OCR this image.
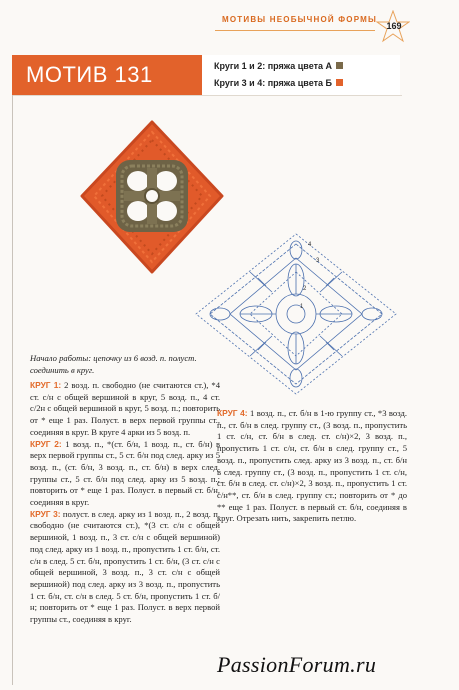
МОТИВЫ НЕОБЫЧНОЙ ФОРМЫ
169
МОТИВ 131	Круги 1 и 2: пряжа цвета А
Круги 3 и 4: пряжа цвета Б
4
3
2
1
Начало работы: цепочку из 6 возд. п. полуст. соединить в круг.

КРУГ 1: 2 возд. п. свободно (не считаются ст.), *4 ст. с/н с общей вершиной в круг, 5 возд. п., 4 ст. с/2н с общей вершиной в круг, 5 возд. п.; повторить от * еще 1 раз. Полуст. в верх первой группы ст., соединяя в круг. В круге 4 арки из 5 возд. п.

КРУГ 2: 1 возд. п., *(ст. б/н, 1 возд. п., ст. б/н) в верх первой группы ст., 5 ст. б/н под след. арку из 5 возд. п., (ст. б/н, 3 возд. п., ст. б/н) в верх след. группы ст., 5 ст. б/н под след. арку из 5 возд. п.; повторить от * еще 1 раз. Полуст. в первый ст. б/н, соединяя в круг.

КРУГ 3: полуст. в след. арку из 1 возд. п., 2 возд. п. свободно (не считаются ст.), *(3 ст. с/н с общей вершиной, 1 возд. п., 3 ст. с/н с общей вершиной) под след. арку из 1 возд. п., пропустить 1 ст. б/н, ст. с/н в след. 5 ст. б/н, пропустить 1 ст. б/н, (3 ст. с/н с общей вершиной, 3 возд. п., 3 ст. с/н с общей вершиной) под след. арку из 3 возд. п., пропустить 1 ст. б/н, ст. с/н в след. 5 ст. б/н, пропустить 1 ст. б/н; повторить от * еще 1 раз. Полуст. в верх первой группы ст., соединяя в круг.

КРУГ 4: 1 возд. п., ст. б/н в 1-ю группу ст., *3 возд. п., ст. б/н в след. группу ст., (3 возд. п., пропустить 1 ст. с/н, ст. б/н в след. ст. с/н)×2, 3 возд. п., пропустить 1 ст. с/н, ст. б/н в след. группу ст., 5 возд. п., пропустить след. арку из 3 возд. п., ст. б/н в след. группу ст., (3 возд. п., пропустить 1 ст. с/н, ст. б/н в след. ст. с/н)×2, 3 возд. п., пропустить 1 ст. с/н**, ст. б/н в след. группу ст.; повторить от * до ** еще 1 раз. Полуст. в первый ст. б/н, соединяя в круг. Отрезать нить, закрепить петлю.

PassionForum.ru
